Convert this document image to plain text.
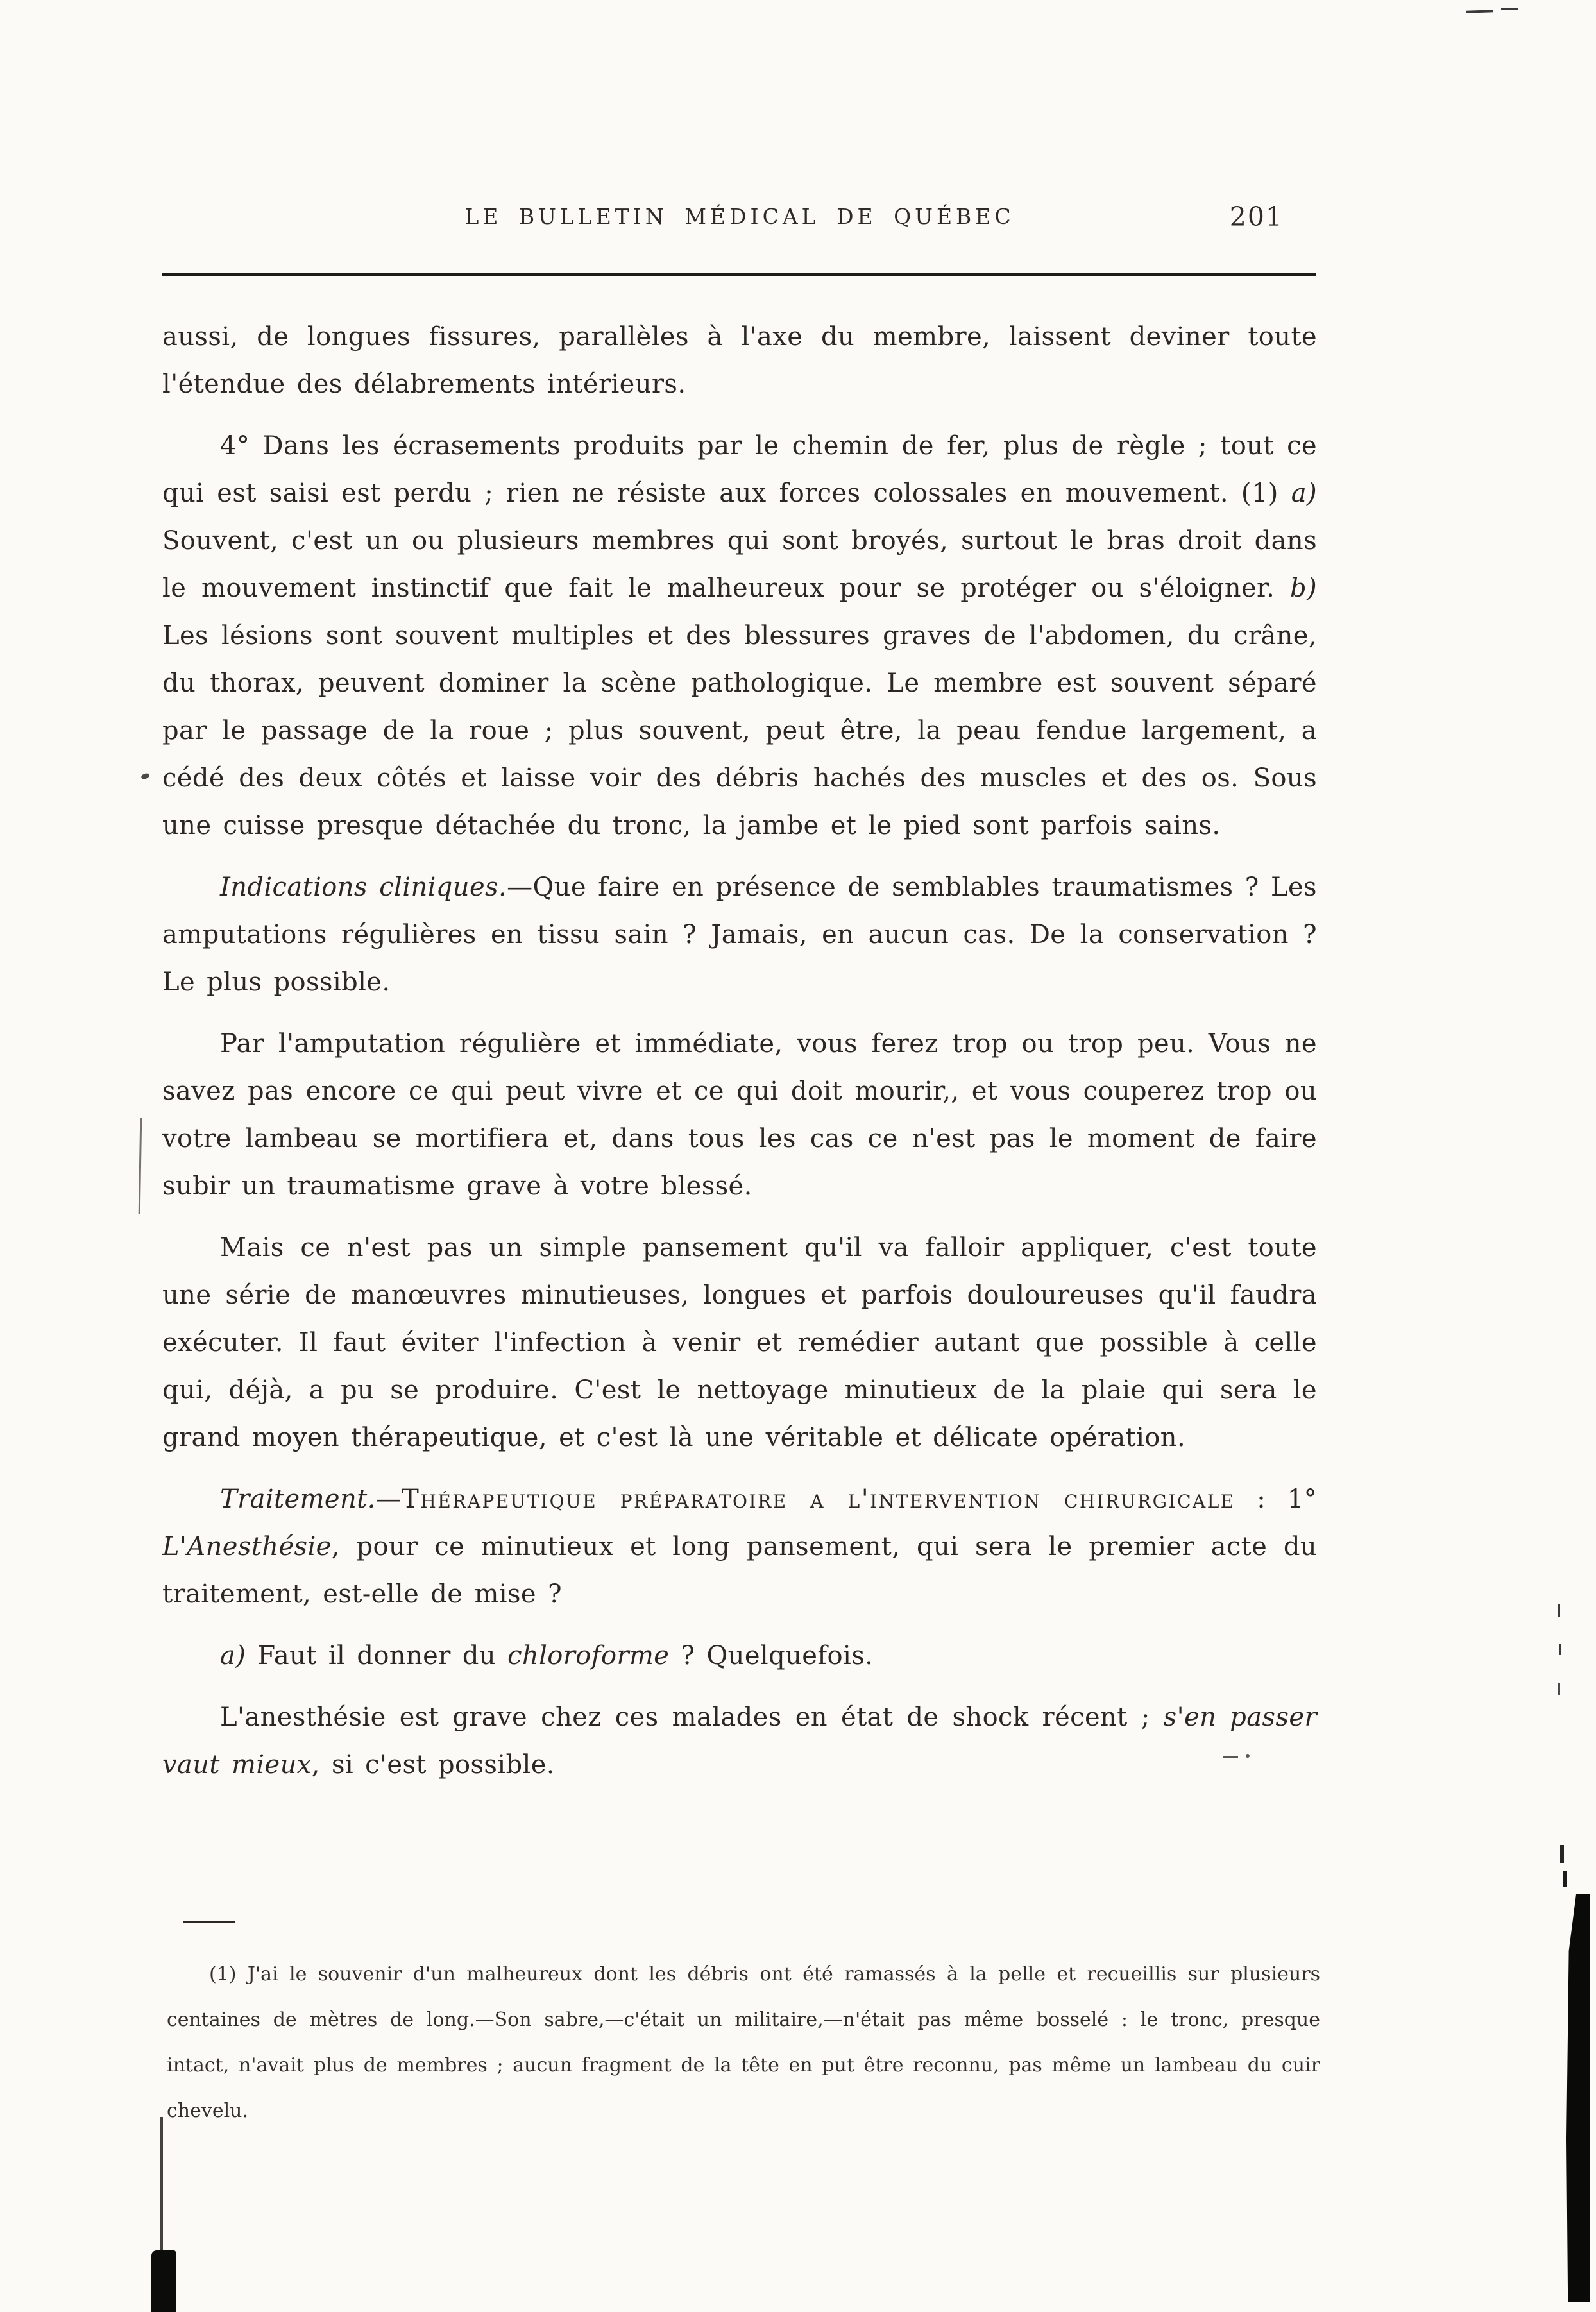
LE BULLETIN MÉDICAL DE QUÉBEC	201

aussi, de longues fissures, parallèles à l'axe du membre, laissent deviner toute l'étendue des délabrements intérieurs.

4° Dans les écrasements produits par le chemin de fer, plus de règle ; tout ce qui est saisi est perdu ; rien ne résiste aux forces colossales en mouvement. (1) a) Souvent, c'est un ou plusieurs membres qui sont broyés, surtout le bras droit dans le mouvement instinctif que fait le malheureux pour se protéger ou s'éloigner. b) Les lésions sont souvent multiples et des blessures graves de l'abdomen, du crâne, du thorax, peuvent dominer la scène pathologique. Le membre est souvent séparé par le passage de la roue ; plus souvent, peut être, la peau fendue largement, a cédé des deux côtés et laisse voir des débris hachés des muscles et des os. Sous une cuisse presque détachée du tronc, la jambe et le pied sont parfois sains.

Indications cliniques.—Que faire en présence de semblables traumatismes ? Les amputations régulières en tissu sain ? Jamais, en aucun cas. De la conservation ? Le plus possible.

Par l'amputation régulière et immédiate, vous ferez trop ou trop peu. Vous ne savez pas encore ce qui peut vivre et ce qui doit mourir,, et vous couperez trop ou votre lambeau se mortifiera et, dans tous les cas ce n'est pas le moment de faire subir un traumatisme grave à votre blessé.

Mais ce n'est pas un simple pansement qu'il va falloir appliquer, c'est toute une série de manœuvres minutieuses, longues et parfois douloureuses qu'il faudra exécuter. Il faut éviter l'infection à venir et remédier autant que possible à celle qui, déjà, a pu se produire. C'est le nettoyage minutieux de la plaie qui sera le grand moyen thérapeutique, et c'est là une véritable et délicate opération.

Traitement.—Thérapeutique préparatoire a l'intervention chirurgicale : 1° L'Anesthésie, pour ce minutieux et long pansement, qui sera le premier acte du traitement, est-elle de mise ?

a) Faut il donner du chloroforme ? Quelquefois.

L'anesthésie est grave chez ces malades en état de shock récent ; s'en passer vaut mieux, si c'est possible.

(1) J'ai le souvenir d'un malheureux dont les débris ont été ramassés à la pelle et recueillis sur plusieurs centaines de mètres de long.—Son sabre,—c'était un militaire,—n'était pas même bosselé : le tronc, presque intact, n'avait plus de membres ; aucun fragment de la tête en put être reconnu, pas même un lambeau du cuir chevelu.
